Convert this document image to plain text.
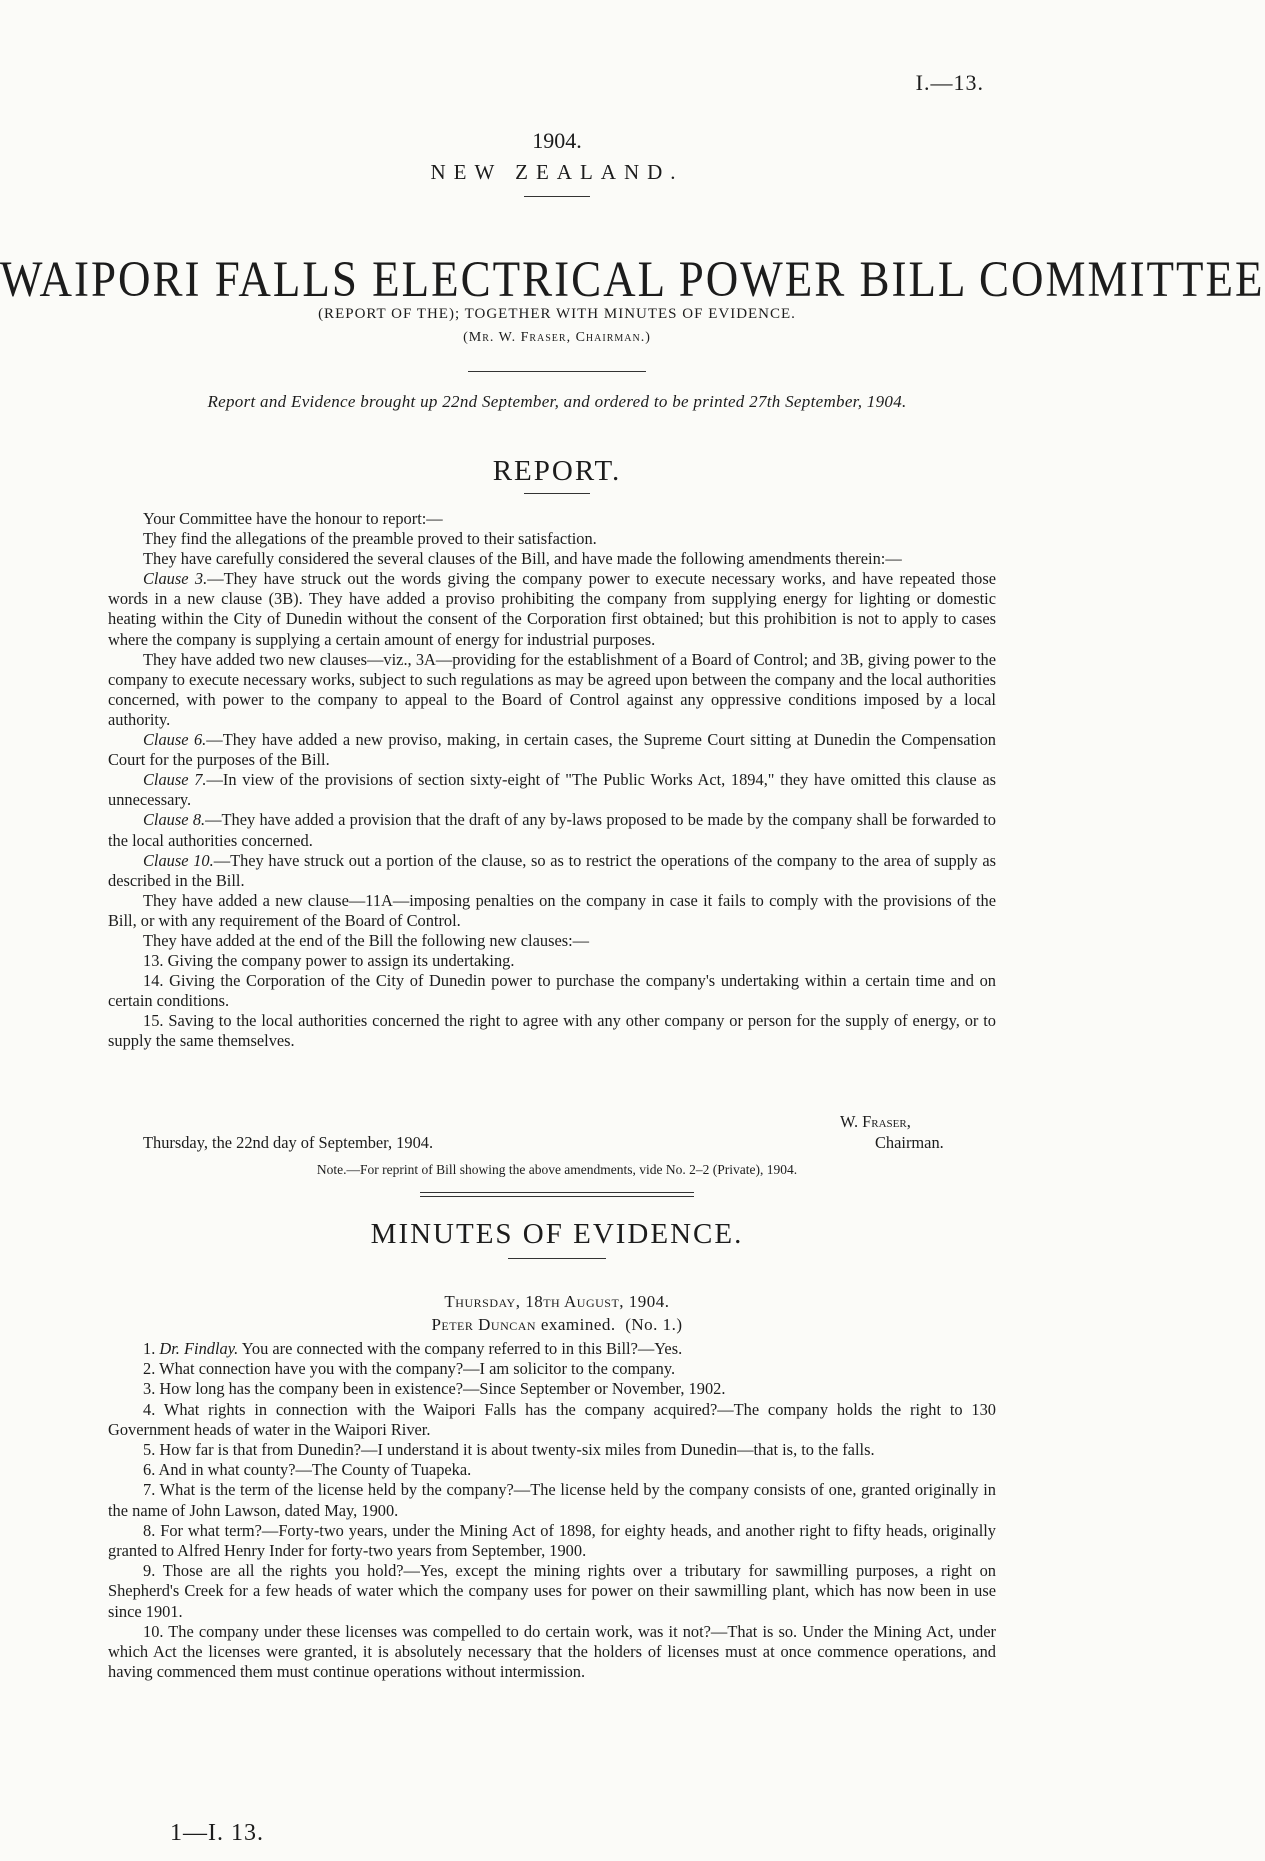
I.—13.
1904.
NEW ZEALAND.
WAIPORI FALLS ELECTRICAL POWER BILL COMMITTEE
(REPORT OF THE); TOGETHER WITH MINUTES OF EVIDENCE.
(Mr. W. Fraser, Chairman.)
Report and Evidence brought up 22nd September, and ordered to be printed 27th September, 1904.
REPORT.

Your Committee have the honour to report:—

They find the allegations of the preamble proved to their satisfaction.

They have carefully considered the several clauses of the Bill, and have made the following amendments therein:—

Clause 3.—They have struck out the words giving the company power to execute necessary works, and have repeated those words in a new clause (3B). They have added a proviso prohibiting the company from supplying energy for lighting or domestic heating within the City of Dunedin without the consent of the Corporation first obtained; but this prohibition is not to apply to cases where the company is supplying a certain amount of energy for industrial purposes.

They have added two new clauses—viz., 3A—providing for the establishment of a Board of Control; and 3B, giving power to the company to execute necessary works, subject to such regulations as may be agreed upon between the company and the local authorities concerned, with power to the company to appeal to the Board of Control against any oppressive conditions imposed by a local authority.

Clause 6.—They have added a new proviso, making, in certain cases, the Supreme Court sitting at Dunedin the Compensation Court for the purposes of the Bill.

Clause 7.—In view of the provisions of section sixty-eight of "The Public Works Act, 1894," they have omitted this clause as unnecessary.

Clause 8.—They have added a provision that the draft of any by-laws proposed to be made by the company shall be forwarded to the local authorities concerned.

Clause 10.—They have struck out a portion of the clause, so as to restrict the operations of the company to the area of supply as described in the Bill.

They have added a new clause—11A—imposing penalties on the company in case it fails to comply with the provisions of the Bill, or with any requirement of the Board of Control.

They have added at the end of the Bill the following new clauses:—

13. Giving the company power to assign its undertaking.

14. Giving the Corporation of the City of Dunedin power to purchase the company's undertaking within a certain time and on certain conditions.

15. Saving to the local authorities concerned the right to agree with any other company or person for the supply of energy, or to supply the same themselves.

W. Fraser,
Thursday, the 22nd day of September, 1904.	Chairman.
Note.—For reprint of Bill showing the above amendments, vide No. 2–2 (Private), 1904.
MINUTES OF EVIDENCE.
Thursday, 18th August, 1904.
Peter Duncan examined. (No. 1.)

1. Dr. Findlay. You are connected with the company referred to in this Bill?—Yes.

2. What connection have you with the company?—I am solicitor to the company.

3. How long has the company been in existence?—Since September or November, 1902.

4. What rights in connection with the Waipori Falls has the company acquired?—The company holds the right to 130 Government heads of water in the Waipori River.

5. How far is that from Dunedin?—I understand it is about twenty-six miles from Dunedin—that is, to the falls.

6. And in what county?—The County of Tuapeka.

7. What is the term of the license held by the company?—The license held by the company consists of one, granted originally in the name of John Lawson, dated May, 1900.

8. For what term?—Forty-two years, under the Mining Act of 1898, for eighty heads, and another right to fifty heads, originally granted to Alfred Henry Inder for forty-two years from September, 1900.

9. Those are all the rights you hold?—Yes, except the mining rights over a tributary for sawmilling purposes, a right on Shepherd's Creek for a few heads of water which the company uses for power on their sawmilling plant, which has now been in use since 1901.

10. The company under these licenses was compelled to do certain work, was it not?—That is so. Under the Mining Act, under which Act the licenses were granted, it is absolutely necessary that the holders of licenses must at once commence operations, and having commenced them must continue operations without intermission.

1—I. 13.
